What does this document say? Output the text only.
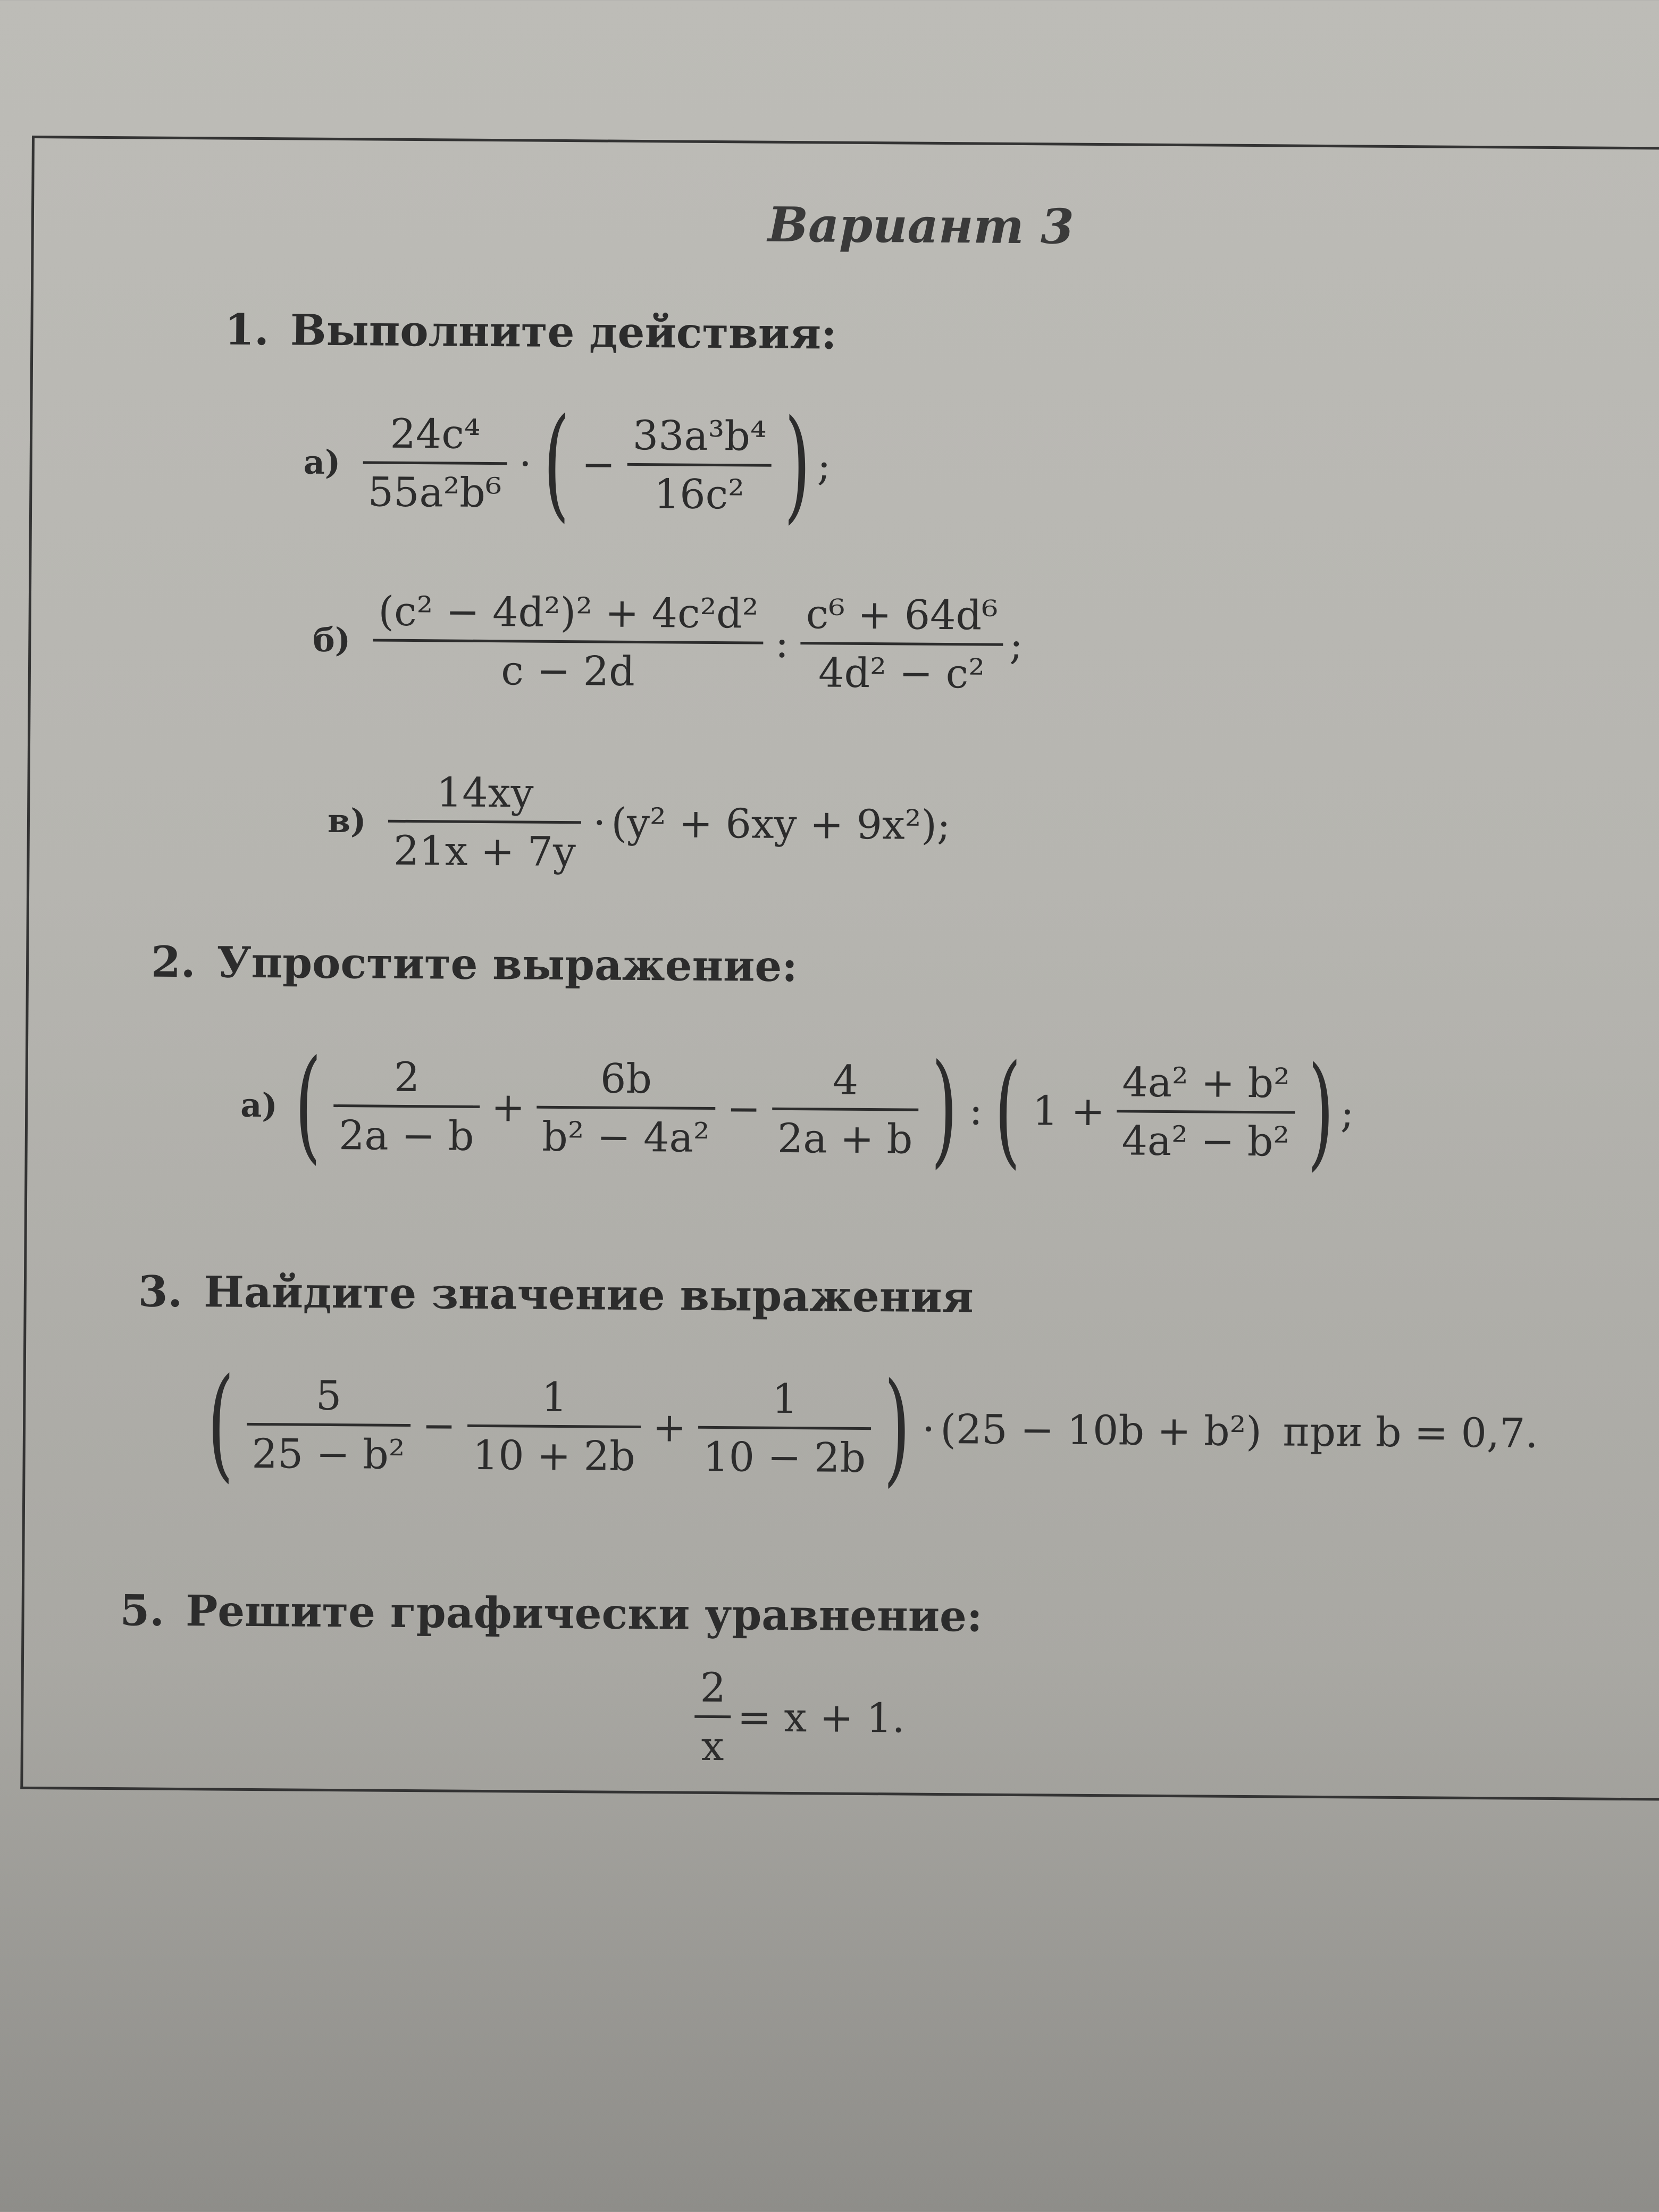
Вариант 3
1. Выполните действия:
а)
24c⁴
55a²b⁶
· ( −
33a³b⁴
16c² ) ;
б)
(c² − 4d²)² + 4c²d²
c − 2d
:
c⁶ + 64d⁶
4d² − c²
;
в)
14xy
21x + 7y
· (y² + 6xy + 9x²) ;
2. Упростите выражение:
а) ( 2
2a − b
+
6b
b² − 4a²
−
4
2a + b ) : ( 1 +
4a² + b²
4a² − b² ) ;
3. Найдите значение выражения
( 5
25 − b²
−
1
10 + 2b
+
1
10 − 2b ) · (25 − 10b + b²) при b = 0,7.
5. Решите графически уравнение:
2
x
= x + 1.
